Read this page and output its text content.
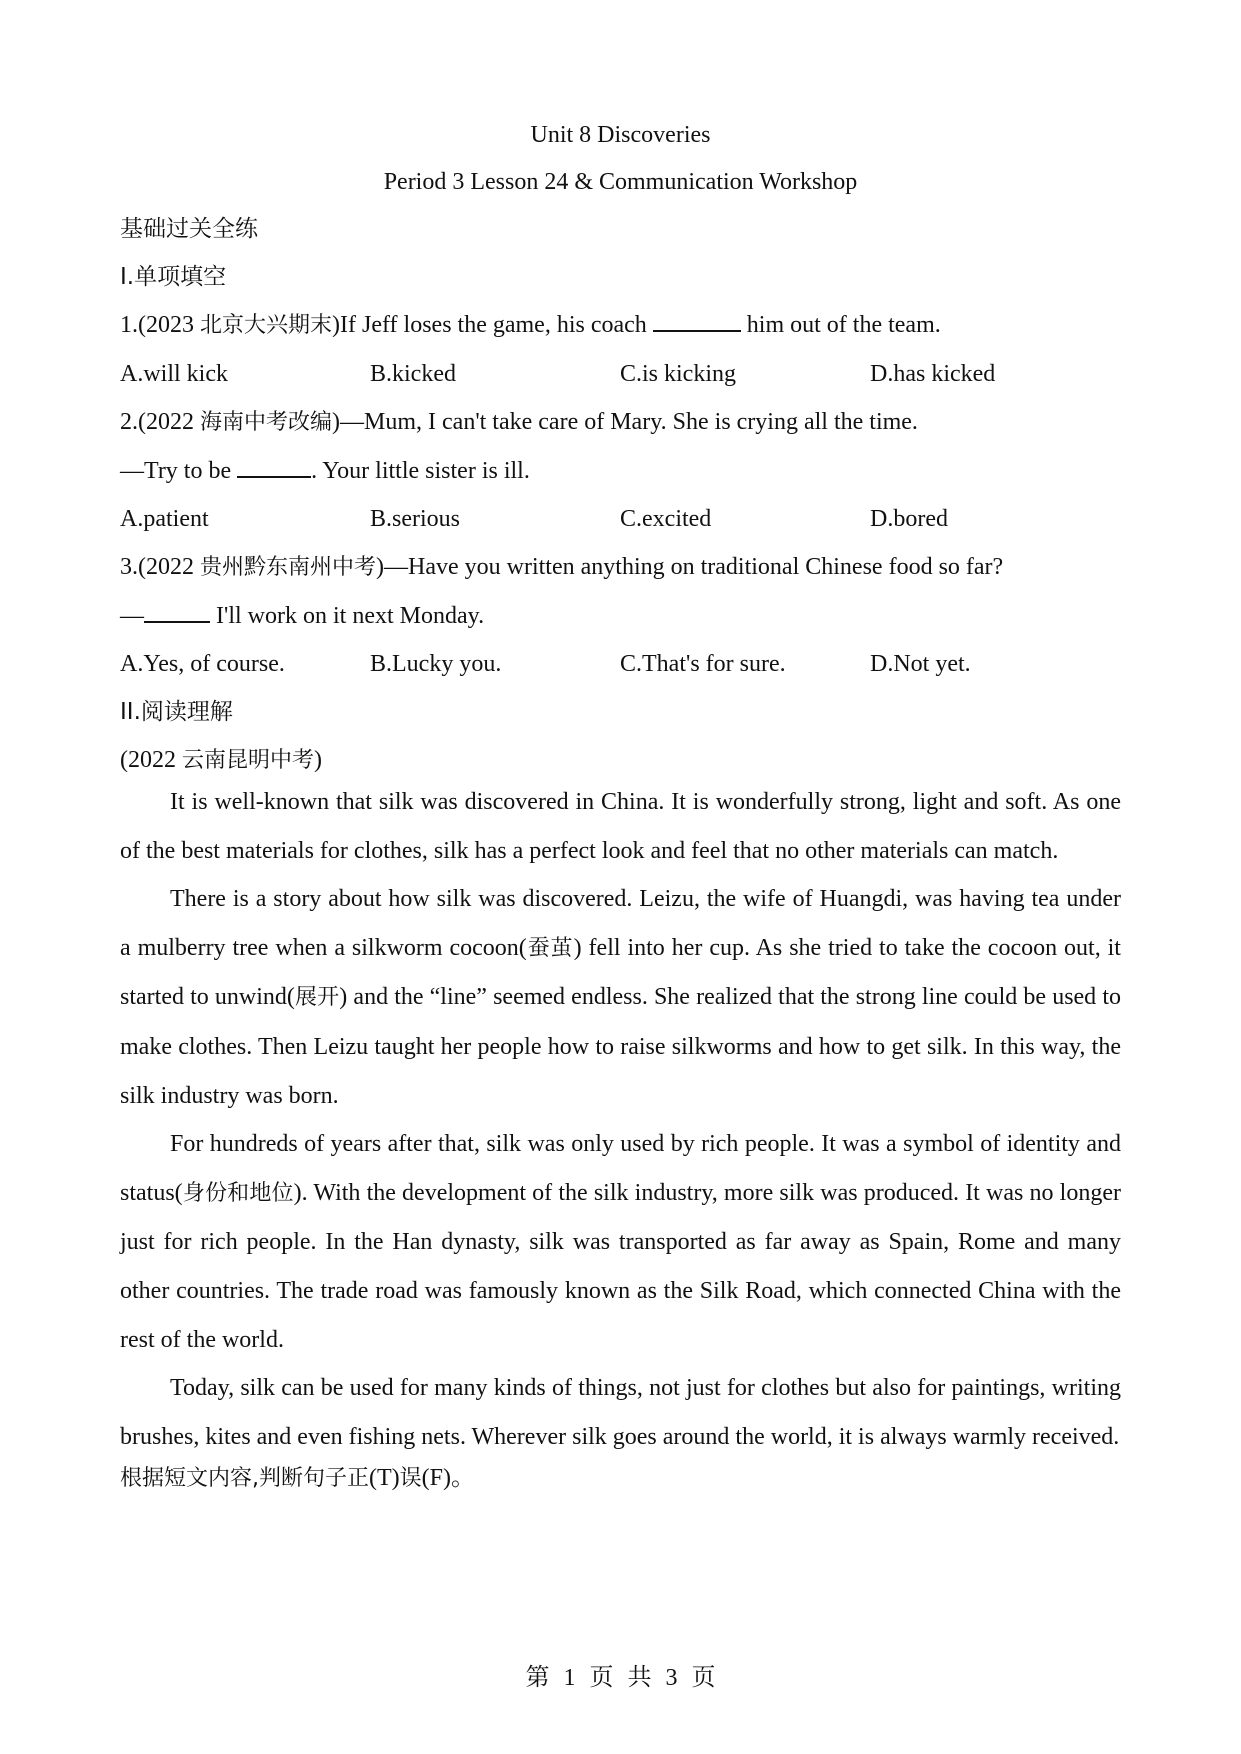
Unit 8 Discoveries
Period 3 Lesson 24 & Communication Workshop
基础过关全练
I.单项填空
1.(2023 北京大兴期末)If Jeff loses the game, his coach	him out of the team.
A.will kick	B.kicked	C.is kicking	D.has kicked
2.(2022 海南中考改编)—Mum, I can't take care of Mary. She is crying all the time.
—Try to be	. Your little sister is ill.
A.patient	B.serious	C.excited	D.bored
3.(2022 贵州黔东南州中考)—Have you written anything on traditional Chinese food so far?
—	I'll work on it next Monday.
A.Yes, of course.	B.Lucky you.	C.That's for sure.	D.Not yet.
II.阅读理解
(2022 云南昆明中考)

It is well-known that silk was discovered in China. It is wonderfully strong, light and soft. As one of the best materials for clothes, silk has a perfect look and feel that no other materials can match.

There is a story about how silk was discovered. Leizu, the wife of Huangdi, was having tea under a mulberry tree when a silkworm cocoon(蚕茧) fell into her cup. As she tried to take the cocoon out, it started to unwind(展开) and the “line” seemed endless. She realized that the strong line could be used to make clothes. Then Leizu taught her people how to raise silkworms and how to get silk. In this way, the silk industry was born.

For hundreds of years after that, silk was only used by rich people. It was a symbol of identity and status(身份和地位). With the development of the silk industry, more silk was produced. It was no longer just for rich people. In the Han dynasty, silk was transported as far away as Spain, Rome and many other countries. The trade road was famously known as the Silk Road, which connected China with the rest of the world.

Today, silk can be used for many kinds of things, not just for clothes but also for paintings, writing brushes, kites and even fishing nets. Wherever silk goes around the world, it is always warmly received.

根据短文内容,判断句子正(T)误(F)。
第 1 页 共 3 页
